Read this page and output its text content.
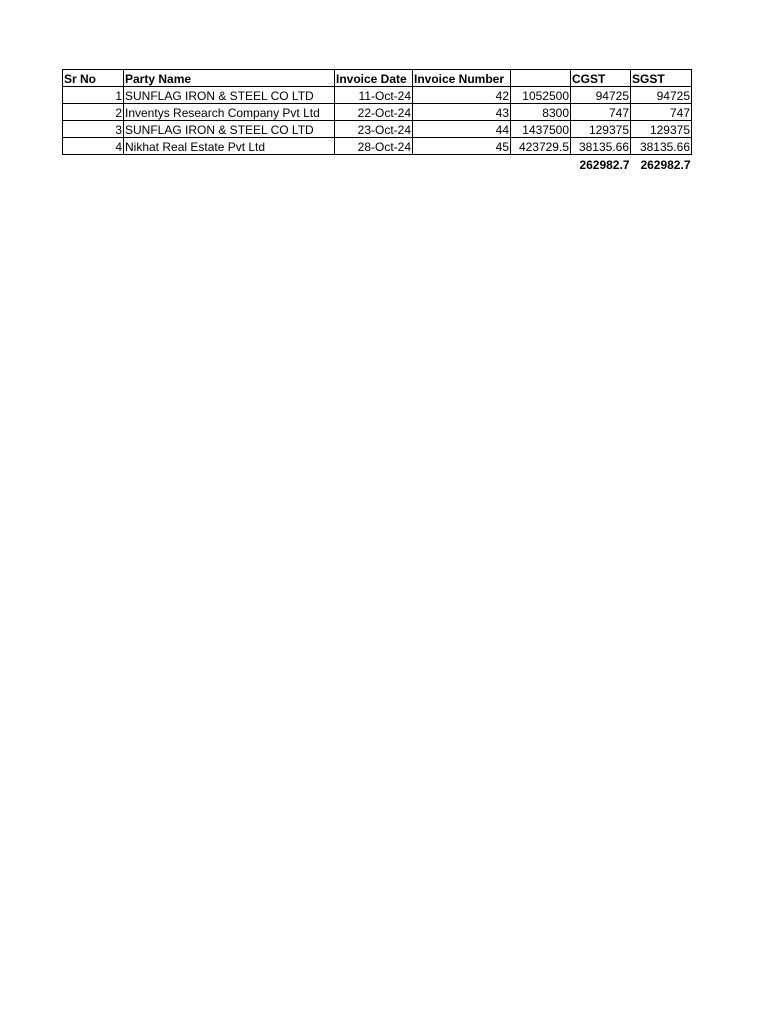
Sr No	Party Name	Invoice Date	Invoice Number		CGST	SGST
1	SUNFLAG IRON & STEEL CO LTD	11-Oct-24	42	1052500	94725	94725
2	Inventys Research Company Pvt Ltd	22-Oct-24	43	8300	747	747
3	SUNFLAG IRON & STEEL CO LTD	23-Oct-24	44	1437500	129375	129375
4	Nikhat Real Estate Pvt Ltd	28-Oct-24	45	423729.5	38135.66	38135.66
					262982.7	262982.7
